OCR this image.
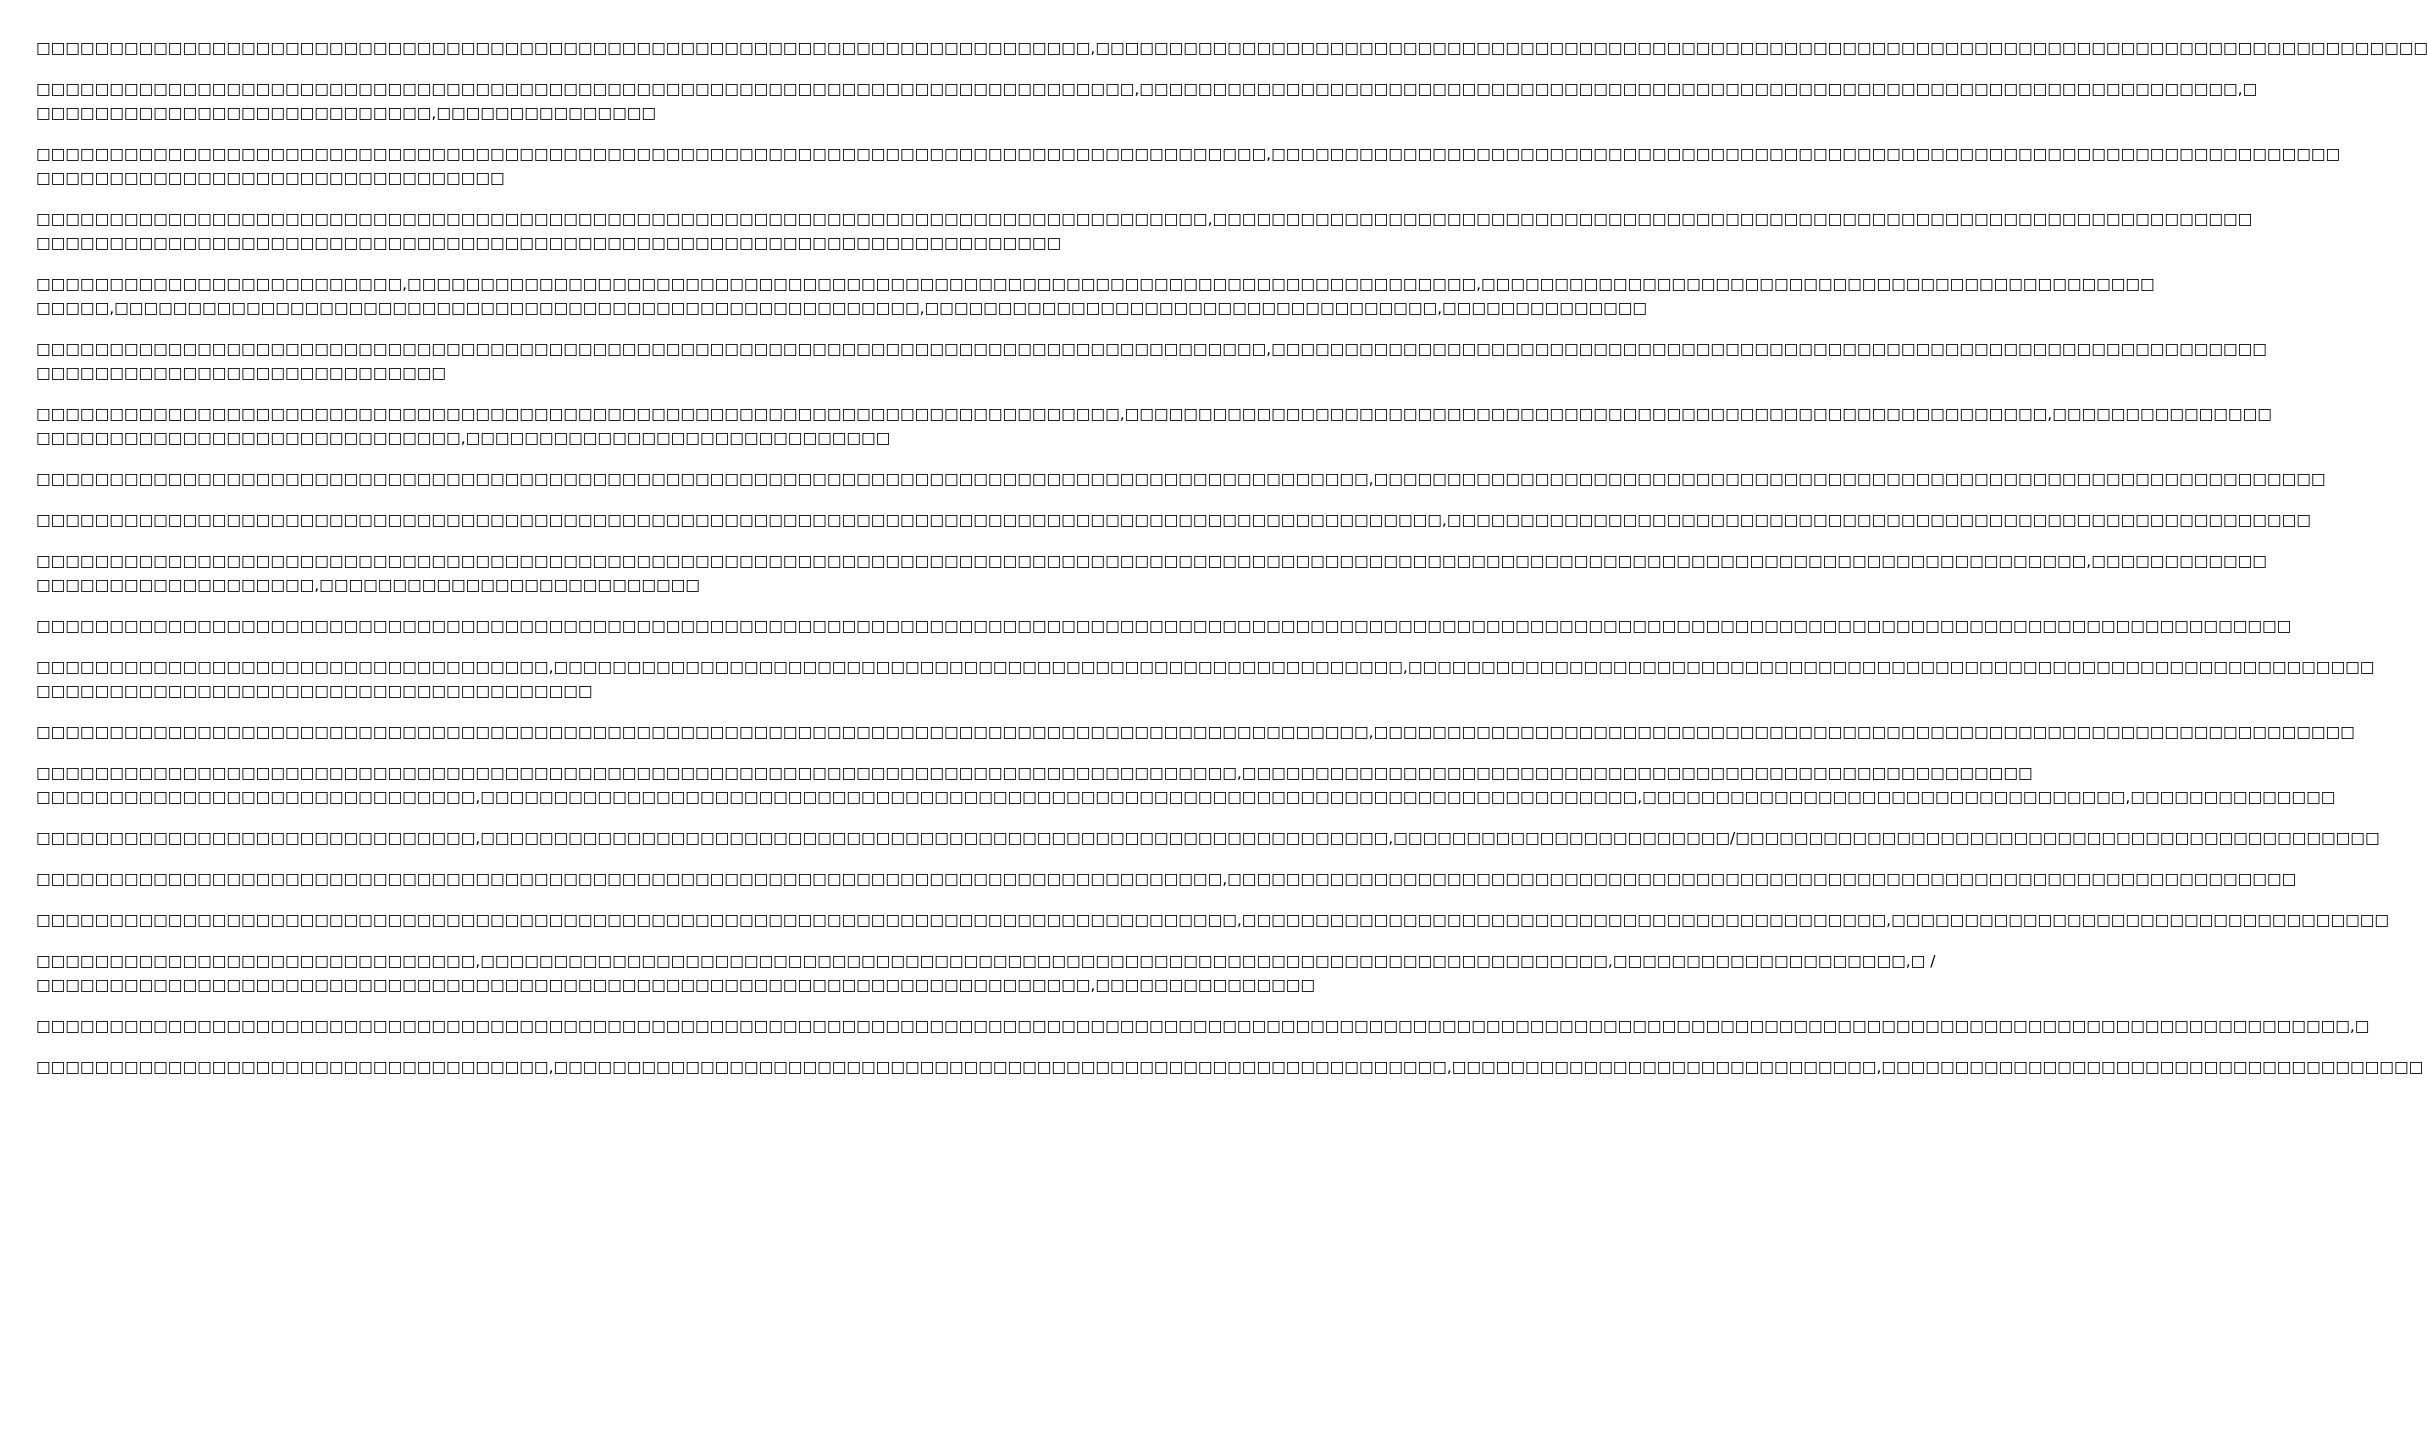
□□□□□□□□□□□□□□□□□□□□□□□□□□□□□□□□□□□□□□□□□□□□□□□□□□□□□□□□□□□□□□□□□□□□□□□□,□□□□□□□□□□□□□□□□□□□□□□□□□□□□□□□□□□□□□□□□□□□□□□□□□□□□□□□□□□□□□□□□□□□□□□□□□□□□□□□□□□□□□□□□□□□

□□□□□□□□□□□□□□□□□□□□□□□□□□□□□□□□□□□□□□□□□□□□□□□□□□□□□□□□□□□□□□□□□□□□□□□□□□□,□□□□□□□□□□□□□□□□□□□□□□□□□□□□□□□□□□□□□□□□□□□□□□□□□□□□□□□□□□□□□□□□□□□□□□□□□□□,□
□□□□□□□□□□□□□□□□□□□□□□□□□□□,□□□□□□□□□□□□□□□

□□□□□□□□□□□□□□□□□□□□□□□□□□□□□□□□□□□□□□□□□□□□□□□□□□□□□□□□□□□□□□□□□□□□□□□□□□□□□□□□□□□□,□□□□□□□□□□□□□□□□□□□□□□□□□□□□□□□□□□□□□□□□□□□□□□□□□□□□□□□□□□□□□□□□□□□□□□□□□
□□□□□□□□□□□□□□□□□□□□□□□□□□□□□□□□

□□□□□□□□□□□□□□□□□□□□□□□□□□□□□□□□□□□□□□□□□□□□□□□□□□□□□□□□□□□□□□□□□□□□□□□□□□□□□□□□,□□□□□□□□□□□□□□□□□□□□□□□□□□□□□□□□□□□□□□□□□□□□□□□□□□□□□□□□□□□□□□□□□□□□□□□
□□□□□□□□□□□□□□□□□□□□□□□□□□□□□□□□□□□□□□□□□□□□□□□□□□□□□□□□□□□□□□□□□□□□□□

□□□□□□□□□□□□□□□□□□□□□□□□□,□□□□□□□□□□□□□□□□□□□□□□□□□□□□□□□□□□□□□□□□□□□□□□□□□□□□□□□□□□□□□□□□□□□□□□□□□,□□□□□□□□□□□□□□□□□□□□□□□□□□□□□□□□□□□□□□□□□□□□□□
□□□□□,□□□□□□□□□□□□□□□□□□□□□□□□□□□□□□□□□□□□□□□□□□□□□□□□□□□□□□□,□□□□□□□□□□□□□□□□□□□□□□□□□□□□□□□□□□□,□□□□□□□□□□□□□□

□□□□□□□□□□□□□□□□□□□□□□□□□□□□□□□□□□□□□□□□□□□□□□□□□□□□□□□□□□□□□□□□□□□□□□□□□□□□□□□□□□□□,□□□□□□□□□□□□□□□□□□□□□□□□□□□□□□□□□□□□□□□□□□□□□□□□□□□□□□□□□□□□□□□□□□□□
□□□□□□□□□□□□□□□□□□□□□□□□□□□□

□□□□□□□□□□□□□□□□□□□□□□□□□□□□□□□□□□□□□□□□□□□□□□□□□□□□□□□□□□□□□□□□□□□□□□□□□□,□□□□□□□□□□□□□□□□□□□□□□□□□□□□□□□□□□□□□□□□□□□□□□□□□□□□□□□□□□□□□□□,□□□□□□□□□□□□□□□
□□□□□□□□□□□□□□□□□□□□□□□□□□□□□,□□□□□□□□□□□□□□□□□□□□□□□□□□□□□

□□□□□□□□□□□□□□□□□□□□□□□□□□□□□□□□□□□□□□□□□□□□□□□□□□□□□□□□□□□□□□□□□□□□□□□□□□□□□□□□□□□□□□□□□□□,□□□□□□□□□□□□□□□□□□□□□□□□□□□□□□□□□□□□□□□□□□□□□□□□□□□□□□□□□□□□□□□□□

□□□□□□□□□□□□□□□□□□□□□□□□□□□□□□□□□□□□□□□□□□□□□□□□□□□□□□□□□□□□□□□□□□□□□□□□□□□□□□□□□□□□□□□□□□□□□□□□,□□□□□□□□□□□□□□□□□□□□□□□□□□□□□□□□□□□□□□□□□□□□□□□□□□□□□□□□□□□

□□□□□□□□□□□□□□□□□□□□□□□□□□□□□□□□□□□□□□□□□□□□□□□□□□□□□□□□□□□□□□□□□□□□□□□□□□□□□□□□□□□□□□□□□□□□□□□□□□□□□□□□□□□□□□□□□□□□□□□□□□□□□□□□□□□□□□□□□□□□,□□□□□□□□□□□□
□□□□□□□□□□□□□□□□□□□,□□□□□□□□□□□□□□□□□□□□□□□□□□

□□□□□□□□□□□□□□□□□□□□□□□□□□□□□□□□□□□□□□□□□□□□□□□□□□□□□□□□□□□□□□□□□□□□□□□□□□□□□□□□□□□□□□□□□□□□□□□□□□□□□□□□□□□□□□□□□□□□□□□□□□□□□□□□□□□□□□□□□□□□□□□□□□□□□□□□□□

□□□□□□□□□□□□□□□□□□□□□□□□□□□□□□□□□□□,□□□□□□□□□□□□□□□□□□□□□□□□□□□□□□□□□□□□□□□□□□□□□□□□□□□□□□□□□□,□□□□□□□□□□□□□□□□□□□□□□□□□□□□□□□□□□□□□□□□□□□□□□□□□□□□□□□□□□□□□□□□□□
□□□□□□□□□□□□□□□□□□□□□□□□□□□□□□□□□□□□□□

□□□□□□□□□□□□□□□□□□□□□□□□□□□□□□□□□□□□□□□□□□□□□□□□□□□□□□□□□□□□□□□□□□□□□□□□□□□□□□□□□□□□□□□□□□□,□□□□□□□□□□□□□□□□□□□□□□□□□□□□□□□□□□□□□□□□□□□□□□□□□□□□□□□□□□□□□□□□□□□

□□□□□□□□□□□□□□□□□□□□□□□□□□□□□□□□□□□□□□□□□□□□□□□□□□□□□□□□□□□□□□□□□□□□□□□□□□□□□□□□□□,□□□□□□□□□□□□□□□□□□□□□□□□□□□□□□□□□□□□□□□□□□□□□□□□□□□□□□
□□□□□□□□□□□□□□□□□□□□□□□□□□□□□□,□□□□□□□□□□□□□□□□□□□□□□□□□□□□□□□□□□□□□□□□□□□□□□□□□□□□□□□□□□□□□□□□□□□□□□□□□□□□□□□,□□□□□□□□□□□□□□□□□□□□□□□□□□□□□□□□□,□□□□□□□□□□□□□□

□□□□□□□□□□□□□□□□□□□□□□□□□□□□□□,□□□□□□□□□□□□□□□□□□□□□□□□□□□□□□□□□□□□□□□□□□□□□□□□□□□□□□□□□□□□□□,□□□□□□□□□□□□□□□□□□□□□□□/□□□□□□□□□□□□□□□□□□□□□□□□□□□□□□□□□□□□□□□□□□□□

□□□□□□□□□□□□□□□□□□□□□□□□□□□□□□□□□□□□□□□□□□□□□□□□□□□□□□□□□□□□□□□□□□□□□□□□□□□□□□□□□,□□□□□□□□□□□□□□□□□□□□□□□□□□□□□□□□□□□□□□□□□□□□□□□□□□□□□□□□□□□□□□□□□□□□□□□□□

□□□□□□□□□□□□□□□□□□□□□□□□□□□□□□□□□□□□□□□□□□□□□□□□□□□□□□□□□□□□□□□□□□□□□□□□□□□□□□□□□□,□□□□□□□□□□□□□□□□□□□□□□□□□□□□□□□□□□□□□□□□□□□□,□□□□□□□□□□□□□□□□□□□□□□□□□□□□□□□□□□

□□□□□□□□□□□□□□□□□□□□□□□□□□□□□□,□□□□□□□□□□□□□□□□□□□□□□□□□□□□□□□□□□□□□□□□□□□□□□□□□□□□□□□□□□□□□□□□□□□□□□□□□□□□□,□□□□□□□□□□□□□□□□□□□□,□ /
□□□□□□□□□□□□□□□□□□□□□□□□□□□□□□□□□□□□□□□□□□□□□□□□□□□□□□□□□□□□□□□□□□□□□□□□,□□□□□□□□□□□□□□□

□□□□□□□□□□□□□□□□□□□□□□□□□□□□□□□□□□□□□□□□□□□□□□□□□□□□□□□□□□□□□□□□□□□□□□□□□□□□□□□□□□□□□□□□□□□□□□□□□□□□□□□□□□□□□□□□□□□□□□□□□□□□□□□□□□□□□□□□□□□□□□□□□□□□□□□□□□□□□□,□

□□□□□□□□□□□□□□□□□□□□□□□□□□□□□□□□□□□,□□□□□□□□□□□□□□□□□□□□□□□□□□□□□□□□□□□□□□□□□□□□□□□□□□□□□□□□□□□□□,□□□□□□□□□□□□□□□□□□□□□□□□□□□□□,□□□□□□□□□□□□□□□□□□□□□□□□□□□□□□□□□□□□□
